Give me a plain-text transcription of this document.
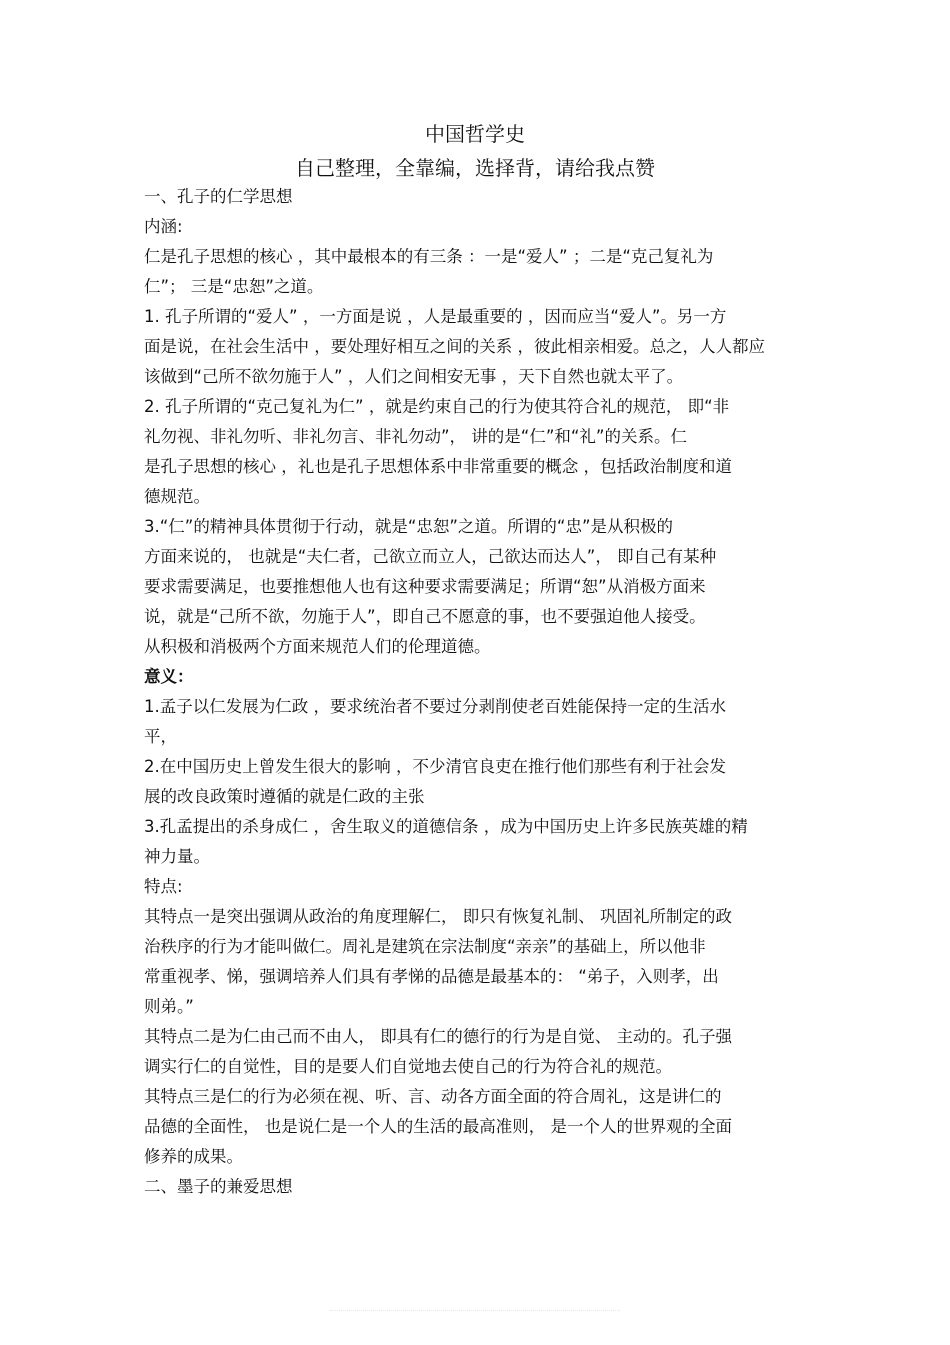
中国哲学史
自己整理，全靠编，选择背，请给我点赞
一、孔子的仁学思想
内涵:
仁是孔子思想的核心 ，其中最根本的有三条 ：一是“爱人” ；二是“克己复礼为
仁”； 三是“忠恕”之道。
1. 孔子所谓的“爱人” ，一方面是说 ，人是最重要的 ，因而应当“爱人”。另一方
面是说，在社会生活中 ，要处理好相互之间的关系 ，彼此相亲相爱。总之，人人都应
该做到“己所不欲勿施于人” ，人们之间相安无事 ，天下自然也就太平了。
2. 孔子所谓的“克己复礼为仁” ，就是约束自己的行为使其符合礼的规范， 即“非
礼勿视、非礼勿听、非礼勿言、非礼勿动”， 讲的是“仁”和“礼”的关系。仁
是孔子思想的核心 ，礼也是孔子思想体系中非常重要的概念 ，包括政治制度和道
德规范。
3.“仁”的精神具体贯彻于行动，就是“忠恕”之道。所谓的“忠”是从积极的
方面来说的， 也就是“夫仁者，己欲立而立人，己欲达而达人”， 即自己有某种
要求需要满足，也要推想他人也有这种要求需要满足；所谓“恕”从消极方面来
说，就是“己所不欲，勿施于人”，即自己不愿意的事，也不要强迫他人接受。
从积极和消极两个方面来规范人们的伦理道德。
意义：
1.孟子以仁发展为仁政 ，要求统治者不要过分剥削使老百姓能保持一定的生活水
平，
2.在中国历史上曾发生很大的影响 ，不少清官良吏在推行他们那些有利于社会发
展的改良政策时遵循的就是仁政的主张
3.孔孟提出的杀身成仁 ，舍生取义的道德信条 ，成为中国历史上许多民族英雄的精
神力量。
特点:
其特点一是突出强调从政治的角度理解仁， 即只有恢复礼制、 巩固礼所制定的政
治秩序的行为才能叫做仁。周礼是建筑在宗法制度“亲亲”的基础上，所以他非
常重视孝、悌，强调培养人们具有孝悌的品德是最基本的： “弟子，入则孝，出
则弟。”
其特点二是为仁由己而不由人， 即具有仁的德行的行为是自觉、 主动的。孔子强
调实行仁的自觉性，目的是要人们自觉地去使自己的行为符合礼的规范。
其特点三是仁的行为必须在视、听、言、动各方面全面的符合周礼，这是讲仁的
品德的全面性， 也是说仁是一个人的生活的最高准则， 是一个人的世界观的全面
修养的成果。
二、墨子的兼爱思想
